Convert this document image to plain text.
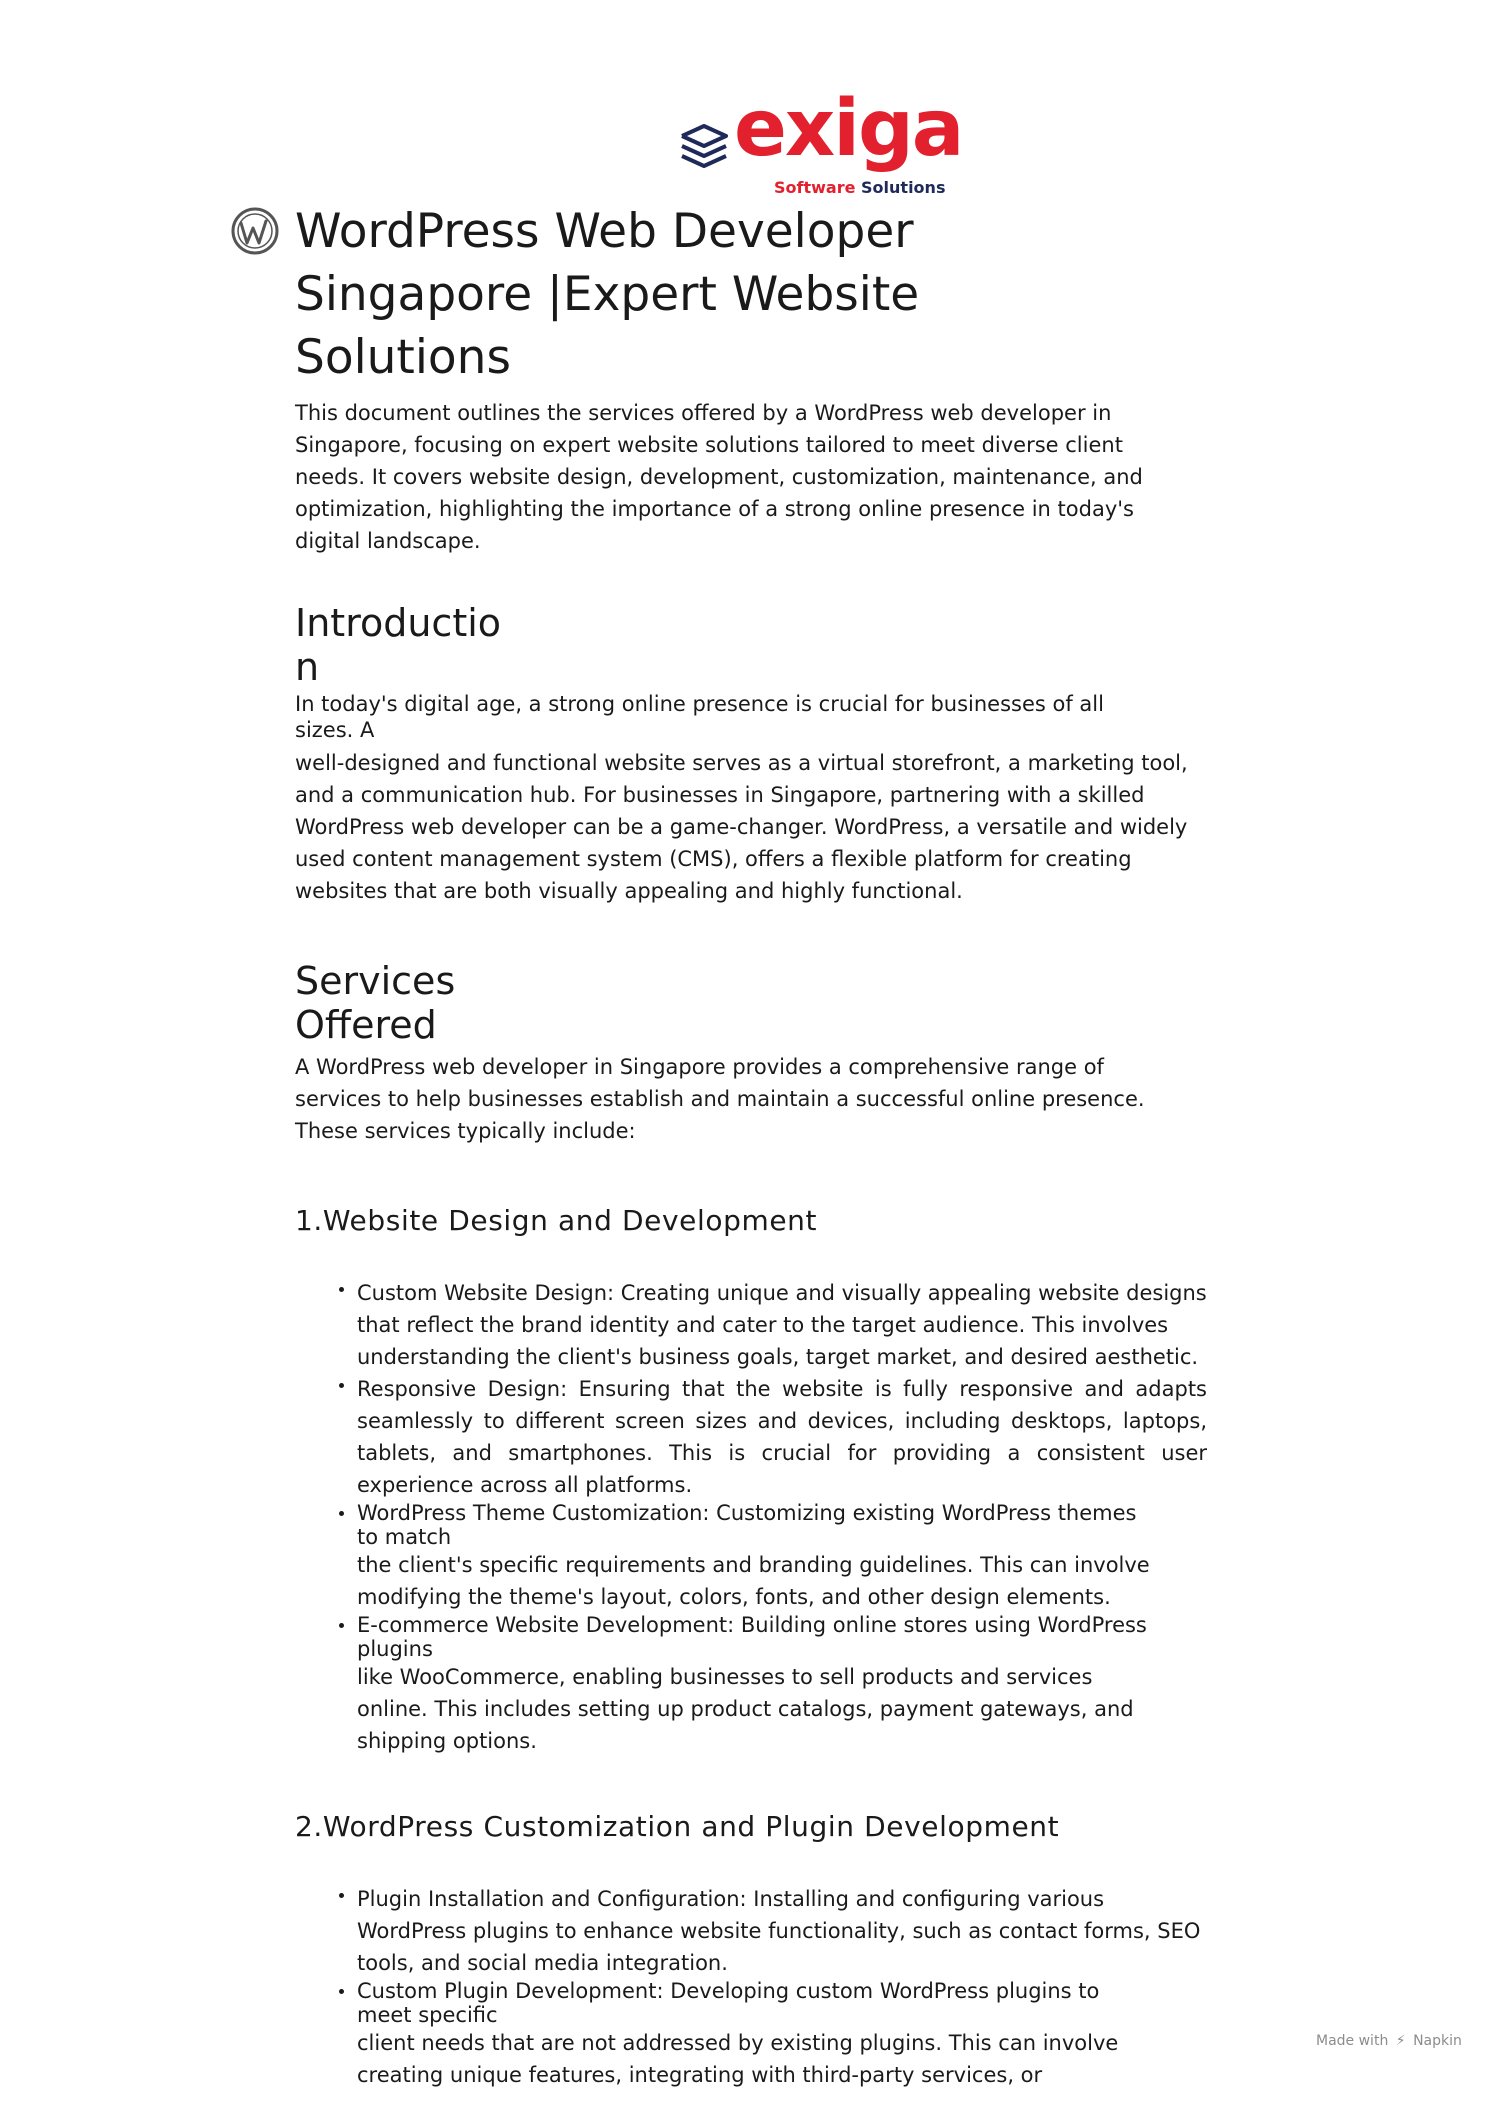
exiga
Software Solutions
WordPress Web Developer Singapore |Expert Website Solutions

This document outlines the services offered by a WordPress web developer in Singapore, focusing on expert website solutions tailored to meet diverse client needs. It covers website design, development, customization, maintenance, and optimization, highlighting the importance of a strong online presence in today's digital landscape.

Introduction

In today's digital age, a strong online presence is crucial for businesses of all sizes. A

well-designed and functional website serves as a virtual storefront, a marketing tool, and a communication hub. For businesses in Singapore, partnering with a skilled WordPress web developer can be a game-changer. WordPress, a versatile and widely used content management system (CMS), offers a flexible platform for creating websites that are both visually appealing and highly functional.

Services Offered

A WordPress web developer in Singapore provides a comprehensive range of services to help businesses establish and maintain a successful online presence. These services typically include:

1.Website Design and Development
Custom Website Design: Creating unique and visually appealing website designs that reflect the brand identity and cater to the target audience. This involves understanding the client's business goals, target market, and desired aesthetic.
Responsive Design: Ensuring that the website is fully responsive and adapts seamlessly to different screen sizes and devices, including desktops, laptops, tablets, and smartphones. This is crucial for providing a consistent user experience across all platforms.
WordPress Theme Customization: Customizing existing WordPress themes to match
the client's specific requirements and branding guidelines. This can involve modifying the theme's layout, colors, fonts, and other design elements.
E-commerce Website Development: Building online stores using WordPress plugins
like WooCommerce, enabling businesses to sell products and services online. This includes setting up product catalogs, payment gateways, and shipping options.
2.WordPress Customization and Plugin Development
Plugin Installation and Configuration: Installing and configuring various WordPress plugins to enhance website functionality, such as contact forms, SEO tools, and social media integration.
Custom Plugin Development: Developing custom WordPress plugins to meet specific
client needs that are not addressed by existing plugins. This can involve creating unique features, integrating with third-party services, or
Made with ⚡ Napkin
